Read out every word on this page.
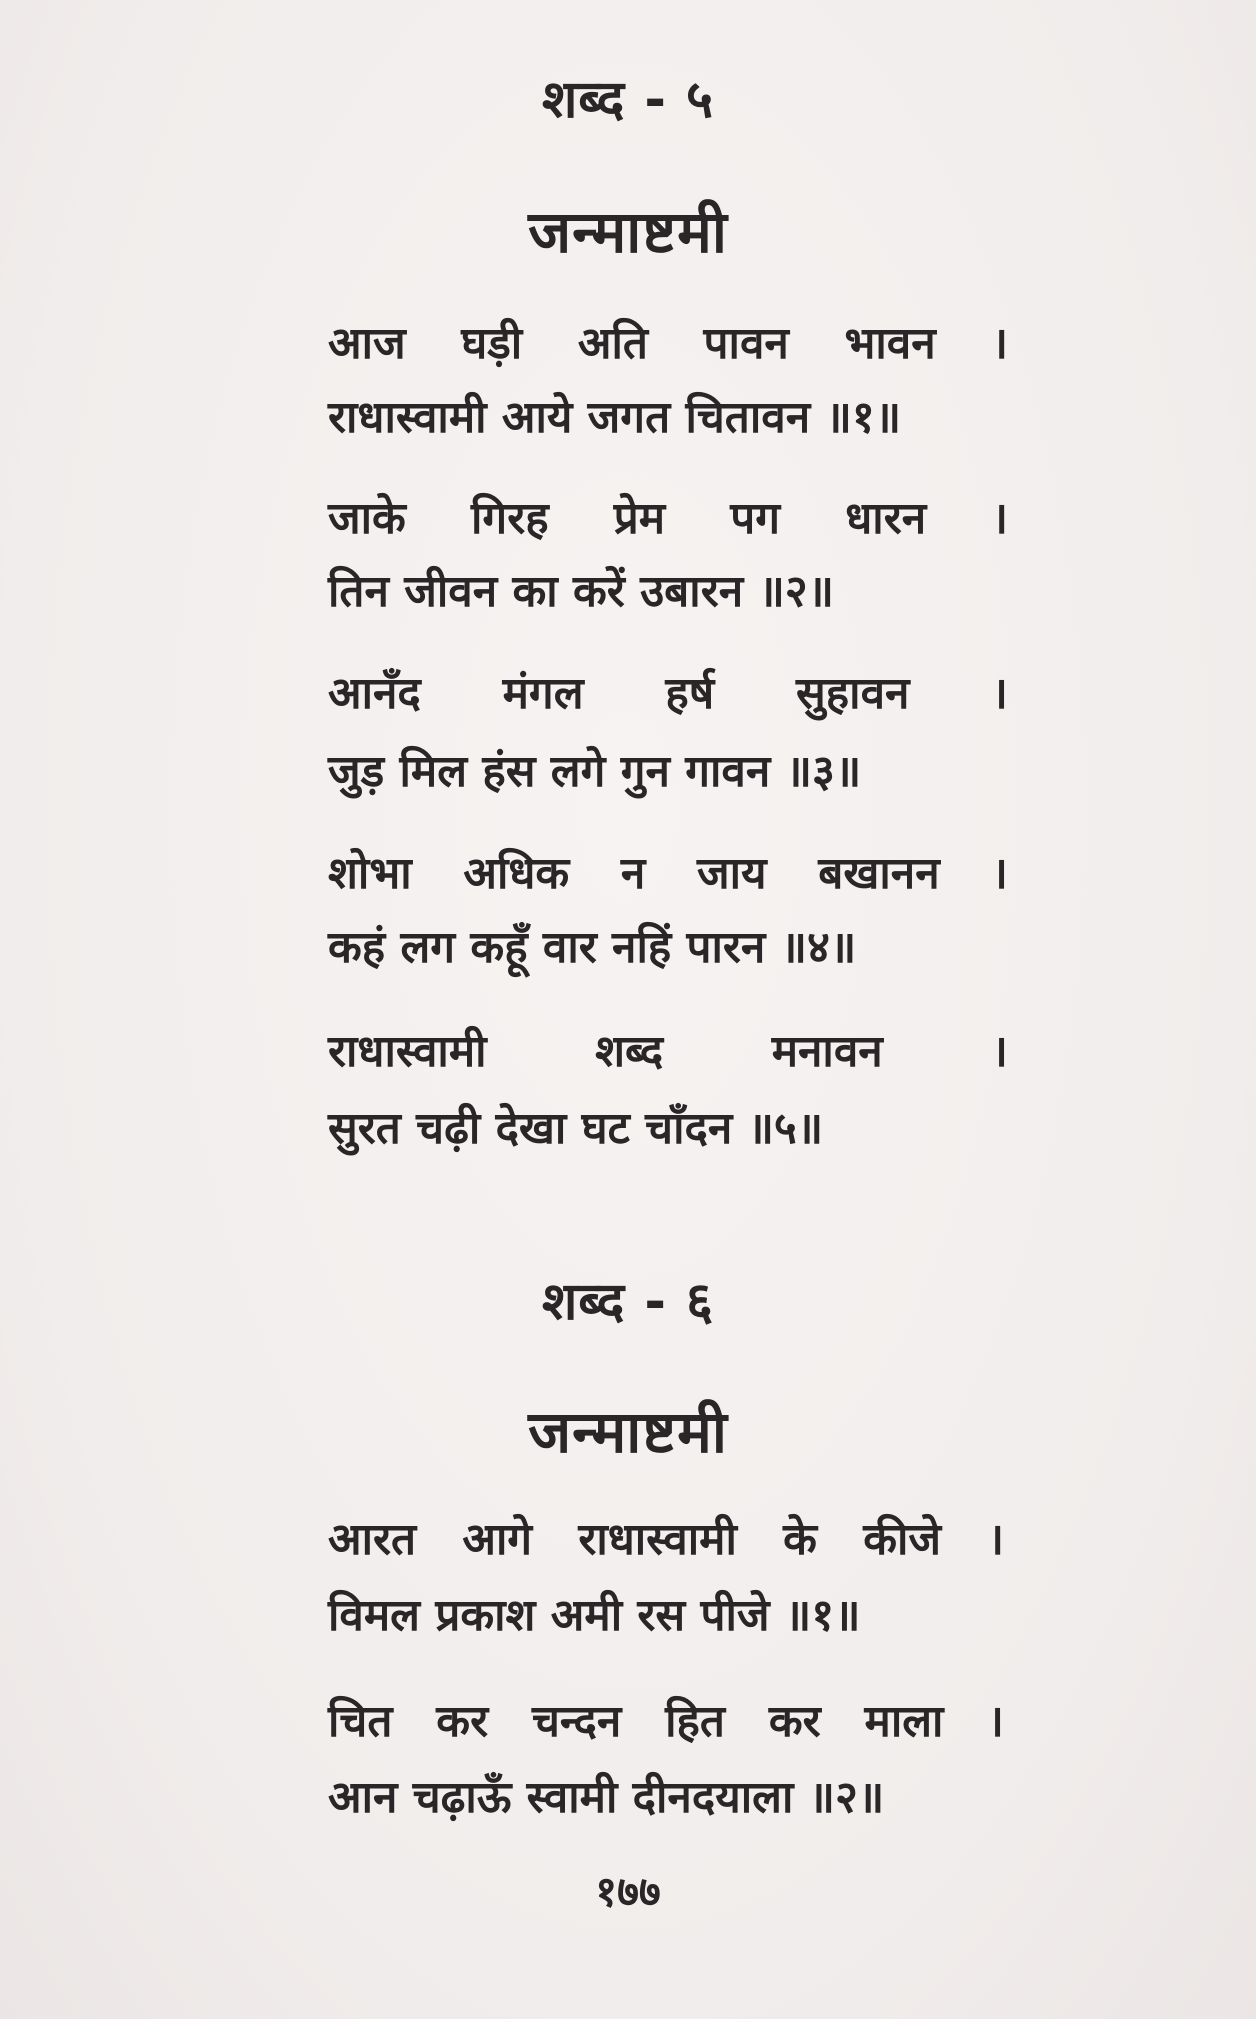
शब्द - ५
जन्माष्टमी
आज घड़ी अति पावन भावन ।
राधास्वामी आये जगत चितावन ॥१॥
जाके गिरह प्रेम पग धारन ।
तिन जीवन का करें उबारन ॥२॥
आनँद मंगल हर्ष सुहावन ।
जुड़ मिल हंस लगे गुन गावन ॥३॥
शोभा अधिक न जाय बखानन ।
कहं लग कहूँ वार नहिं पारन ॥४॥
राधास्वामी शब्द मनावन ।
सुरत चढ़ी देखा घट चाँदन ॥५॥
शब्द - ६
जन्माष्टमी
आरत आगे राधास्वामी के कीजे ।
विमल प्रकाश अमी रस पीजे ॥१॥
चित कर चन्दन हित कर माला ।
आन चढ़ाऊँ स्वामी दीनदयाला ॥२॥
१७७
